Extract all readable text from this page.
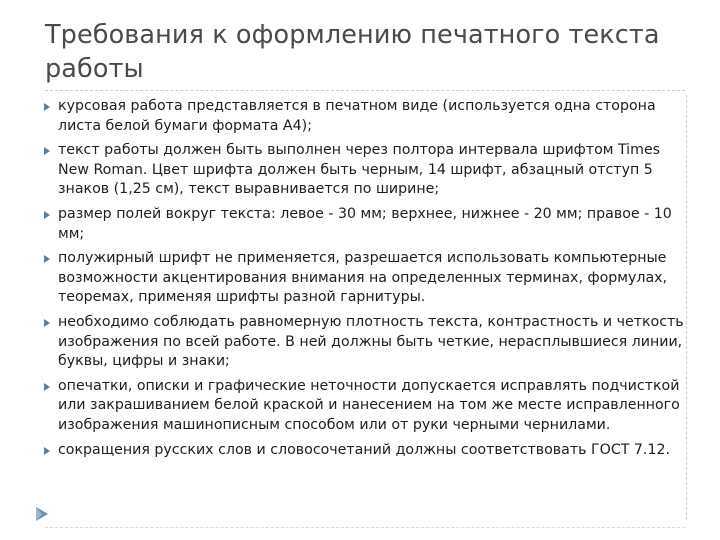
Требования к оформлению печатного текста работы
курсовая работа представляется в печатном виде (используется одна сторона листа белой бумаги формата А4);
текст работы должен быть выполнен через полтора интервала шрифтом Times New Roman. Цвет шрифта должен быть черным, 14 шрифт, абзацный отступ 5 знаков (1,25 см), текст выравнивается по ширине;
размер полей вокруг текста: левое - 30 мм; верхнее, нижнее - 20 мм; правое - 10 мм;
полужирный шрифт не применяется, разрешается использовать компьютерные возможности акцентирования внимания на определенных терминах, формулах, теоремах, применяя шрифты разной гарнитуры.
необходимо соблюдать равномерную плотность текста, контрастность и четкость изображения по всей работе. В ней должны быть четкие, нерасплывшиеся линии, буквы, цифры и знаки;
опечатки, описки и графические неточности допускается исправлять подчисткой или закрашиванием белой краской и нанесением на том же месте исправленного изображения машинописным способом или от руки черными чернилами.
сокращения русских слов и словосочетаний должны соответствовать ГОСТ 7.12.
